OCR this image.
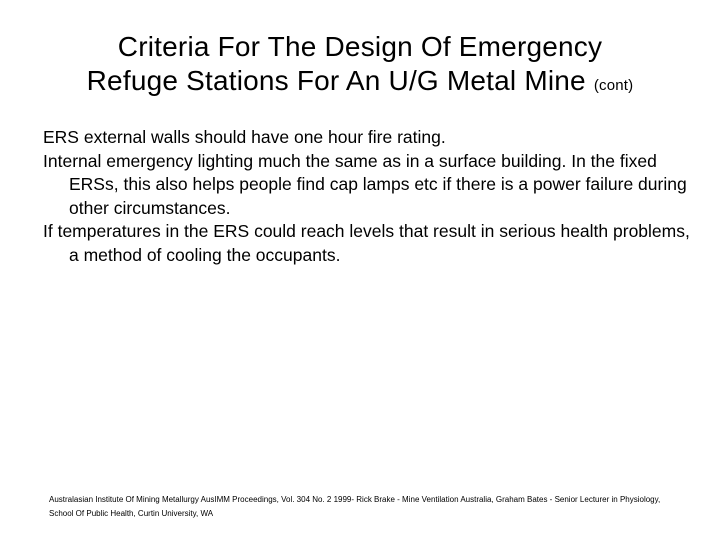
Criteria For The Design Of Emergency
Refuge Stations For An U/G Metal Mine (cont)

ERS external walls should have one hour fire rating.

Internal emergency lighting much the same as in a surface building. In the fixed ERSs, this also helps people find cap lamps etc if there is a power failure during other circumstances.

If temperatures in the ERS could reach levels that result in serious health problems, a method of cooling the occupants.

Australasian Institute Of Mining Metallurgy AusIMM Proceedings, Vol. 304 No. 2 1999- Rick Brake - Mine Ventilation Australia, Graham Bates - Senior Lecturer in Physiology, School Of Public Health, Curtin University, WA
